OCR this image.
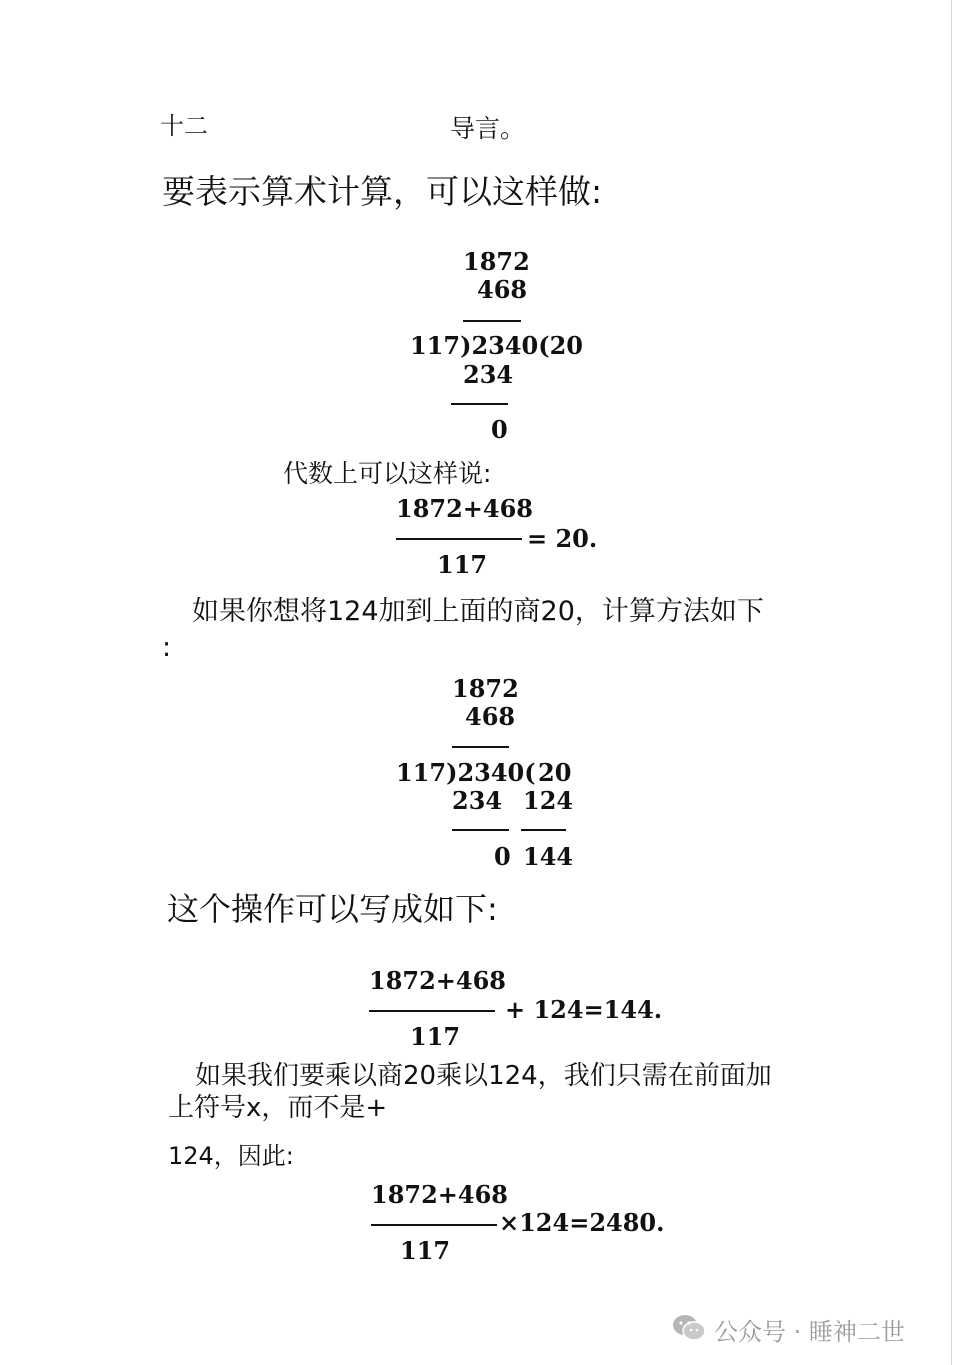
十二	导言。
要表示算术计算，可以这样做:
1872
468
117)2340(20
234
0
代数上可以这样说:
1872+468
117
= 20.
如果你想将124加到上面的商20，计算方法如下
:
1872
468
117)2340( 20
234 124
0 144
这个操作可以写成如下:
1872+468
117
+ 124=144.
如果我们要乘以商20乘以124，我们只需在前面加
上符号x，而不是+
124，因此:
1872+468
117
×124=2480.
公众号 · 睡神二世
